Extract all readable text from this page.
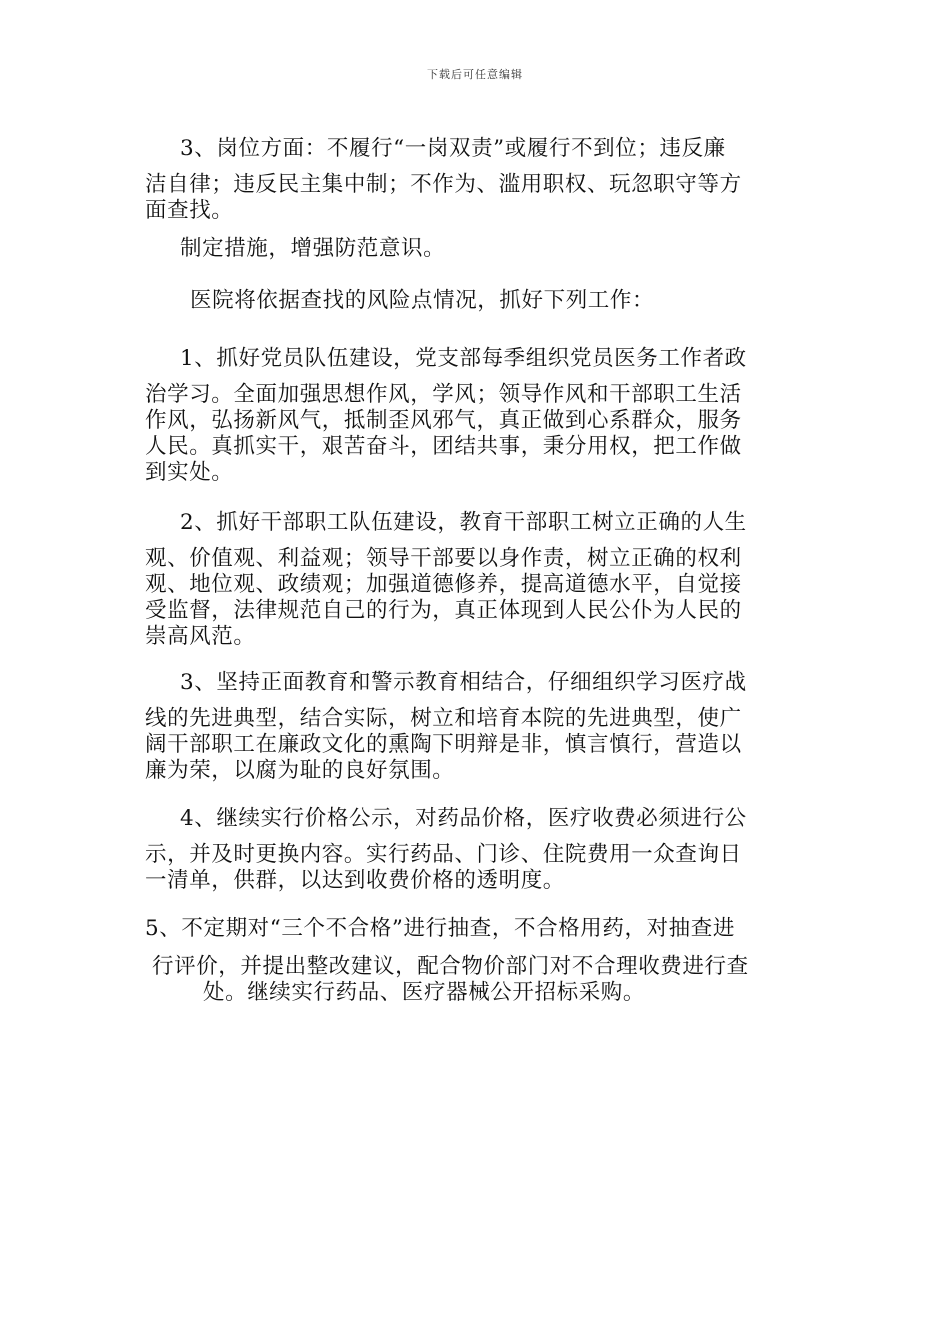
下载后可任意编辑
3、岗位方面：不履行“一岗双责”或履行不到位；违反廉
洁自律；违反民主集中制；不作为、滥用职权、玩忽职守等方
面查找。
制定措施，增强防范意识。
医院将依据查找的风险点情况，抓好下列工作：
1、抓好党员队伍建设，党支部每季组织党员医务工作者政
治学习。全面加强思想作风，学风；领导作风和干部职工生活
作风，弘扬新风气，抵制歪风邪气，真正做到心系群众，服务
人民。真抓实干，艰苦奋斗，团结共事，秉分用权，把工作做
到实处。
2、抓好干部职工队伍建设，教育干部职工树立正确的人生
观、价值观、利益观；领导干部要以身作责，树立正确的权利
观、地位观、政绩观；加强道德修养，提高道德水平，自觉接
受监督，法律规范自己的行为，真正体现到人民公仆为人民的
崇高风范。
3、坚持正面教育和警示教育相结合，仔细组织学习医疗战
线的先进典型，结合实际，树立和培育本院的先进典型，使广
阔干部职工在廉政文化的熏陶下明辩是非，慎言慎行，营造以
廉为荣，以腐为耻的良好氛围。
4、继续实行价格公示，对药品价格，医疗收费必须进行公
示，并及时更换内容。实行药品、门诊、住院费用一众查询日
一清单，供群，以达到收费价格的透明度。
5、不定期对“三个不合格”进行抽查，不合格用药，对抽查进
行评价，并提出整改建议，配合物价部门对不合理收费进行查
处。继续实行药品、医疗器械公开招标采购。
